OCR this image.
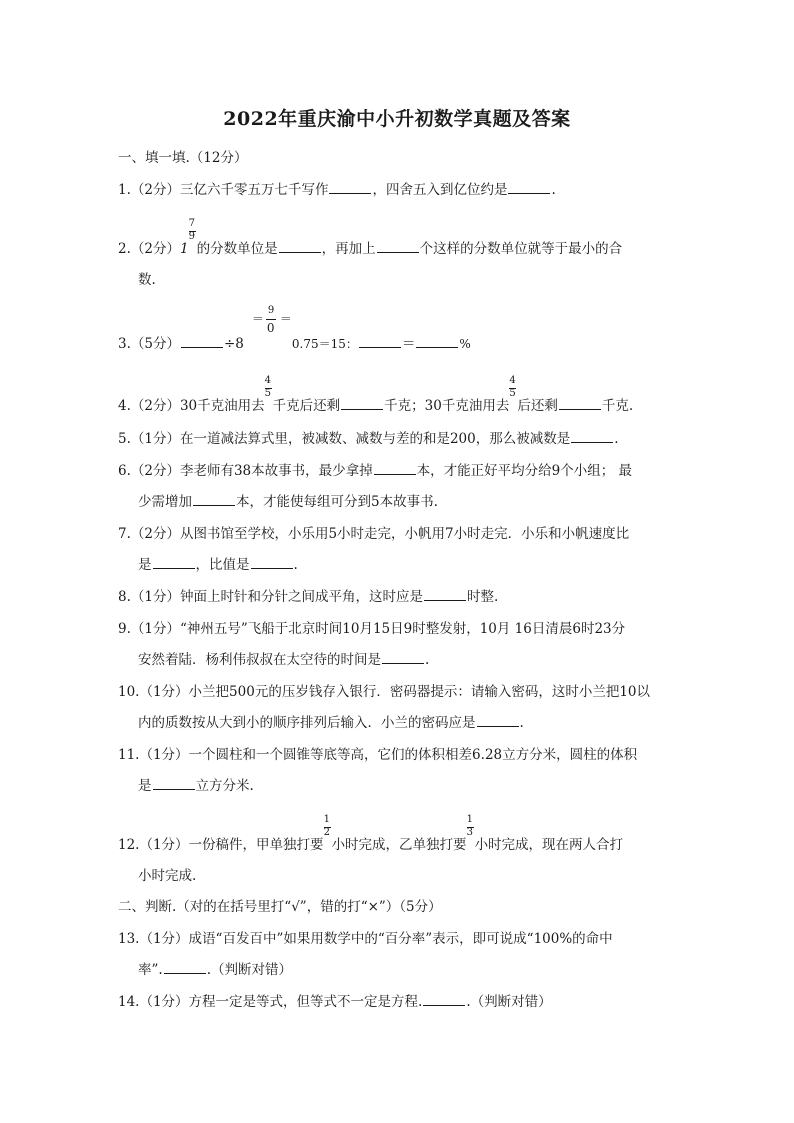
2022年重庆渝中小升初数学真题及答案
一、填一填.（12分）
1.（2分）三亿六千零五万七千写作	，四舍五入到亿位约是	.
2.（2分）$1 \frac{7}{9}$ 的分数单位是	，再加上	个这样的分数单位就等于最小的合
数.
3.（5分）	÷8
＝
9
0
＝
0.75＝15：	＝	%
4.（2分）30千克油用去 $\frac{4}{5}$ 千克后还剩	千克；30千克油用去 $\frac{4}{5}$ 后还剩	千克.
5.（1分）在一道减法算式里，被减数、减数与差的和是200，那么被减数是	.
6.（2分）李老师有38本故事书，最少拿掉	本，才能正好平均分给9个小组； 最
少需增加	本，才能使每组可分到5本故事书.
7.（2分）从图书馆至学校，小乐用5小时走完，小帆用7小时走完．小乐和小帆速度比
是	，比值是	.
8.（1分）钟面上时针和分针之间成平角，这时应是	时整.
9.（1分）“神州五号”飞船于北京时间10月15日9时整发射，10月 16日清晨6时23分
安然着陆．杨利伟叔叔在太空待的时间是	.
10.（1分）小兰把500元的压岁钱存入银行．密码器提示：请输入密码，这时小兰把10以
内的质数按从大到小的顺序排列后输入．小兰的密码应是	.
11.（1分）一个圆柱和一个圆锥等底等高，它们的体积相差6.28立方分米，圆柱的体积
是	立方分米.
12.（1分）一份稿件，甲单独打要 $\frac{1}{2}$ 小时完成，乙单独打要 $\frac{1}{3}$ 小时完成，现在两人合打
小时完成.
二、判断.（对的在括号里打“√”，错的打“×”）（5分）
13.（1分）成语“百发百中”如果用数学中的“百分率”表示，即可说成“100%的命中
率”.	.（判断对错）
14.（1分）方程一定是等式，但等式不一定是方程.	.（判断对错）
